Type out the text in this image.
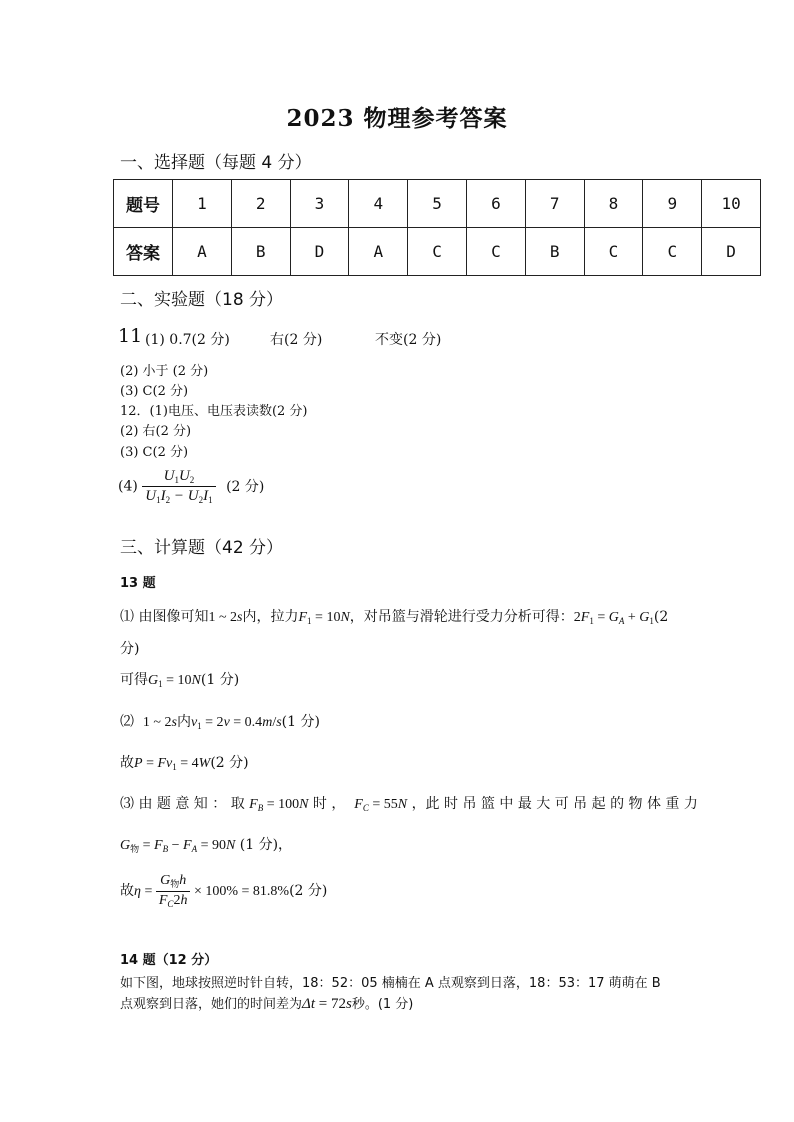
2023 物理参考答案
一、选择题（每题 4 分）
题号	1	2	3	4	5	6	7	8	9	10
答案	A	B	D	A	C	C	B	C	C	D
二、实验题（18 分）
11 (1) 0.7(2 分)	右(2 分)	不变(2 分)
(2) 小于 (2 分)
(3) C(2 分)
12．(1)电压、电压表读数(2 分)
(2) 右(2 分)
(3) C(2 分)
$(4) \frac{U_1U_2}{U_1I_2 - U_2I_1} (2$ 分)
三、计算题（42 分）
13 题
⑴ 由图像可知1 ~ 2s内，拉力$F_1 = 10N$，对吊篮与滑轮进行受力分析可得：$2F_1 = G_A + G_1(2$
分)
可得$G_1 = 10N(1$ 分)
⑵ 1 ~ 2s内$v_1 = 2v = 0.4m/s(1$ 分)
故$P = Fv_1 = 4W(2$ 分)
⑶ 由 题 意 知 ： 取 $F_B = 100N$ 时 ， $F_C = 55N$ ，此 时 吊 篮 中 最 大 可 吊 起 的 物 体 重 力
$G_物 = F_B - F_A = 90N$ (1 分)，
故$\eta = \frac{G_物h}{F_C2h} \times 100\% = 81.8\%(2$ 分)
14 题（12 分）
如下图，地球按照逆时针自转，18：52：05 楠楠在 A 点观察到日落，18：53：17 萌萌在 B
点观察到日落，她们的时间差为Δt = 72s秒。(1 分)
